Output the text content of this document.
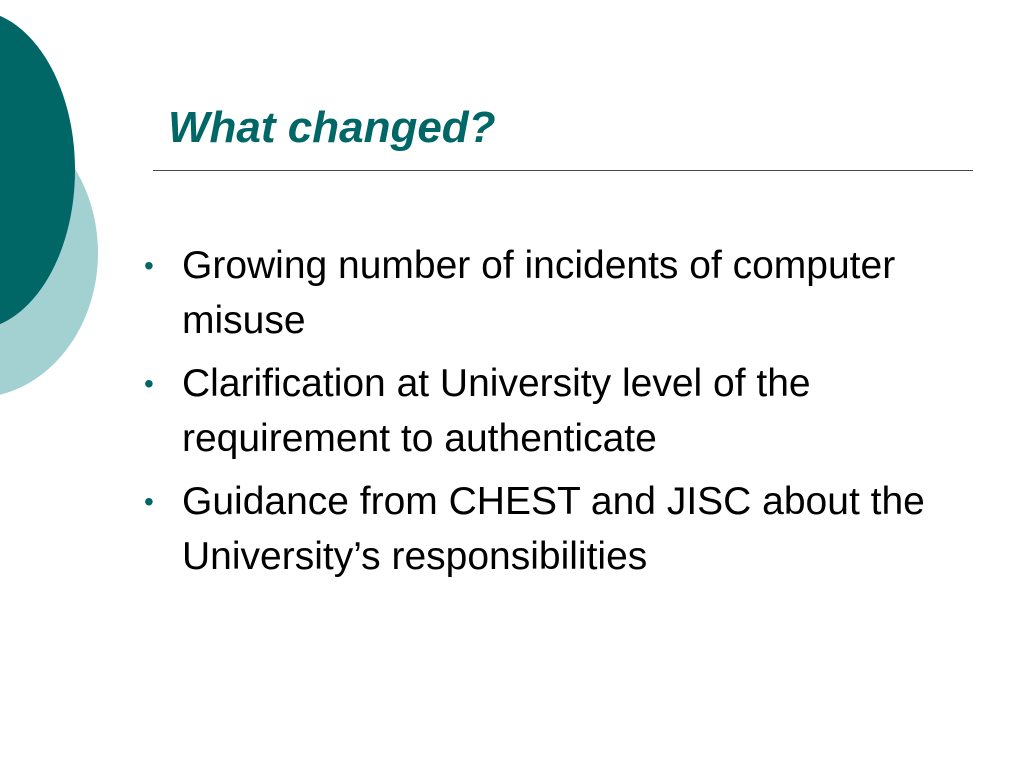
What changed?
• Growing number of incidents of computer misuse
• Clarification at University level of the requirement to authenticate
• Guidance from CHEST and JISC about the University’s responsibilities
